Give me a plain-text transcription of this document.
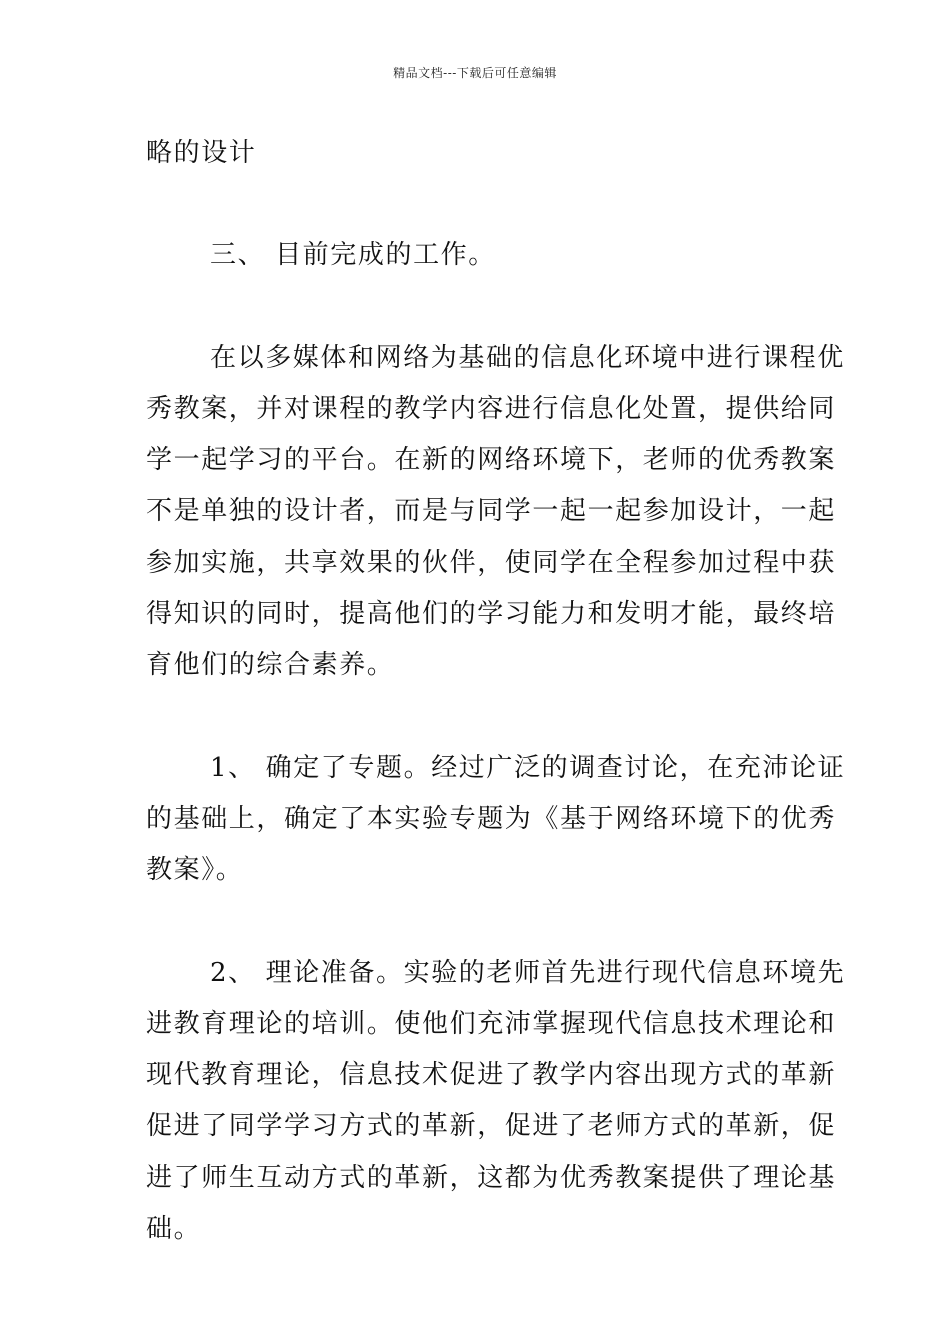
精品文档---下载后可任意编辑
略的设计
三、 目前完成的工作。
在以多媒体和网络为基础的信息化环境中进行课程优
秀教案，并对课程的教学内容进行信息化处置，提供给同
学一起学习的平台。在新的网络环境下，老师的优秀教案
不是单独的设计者，而是与同学一起一起参加设计，一起
参加实施，共享效果的伙伴，使同学在全程参加过程中获
得知识的同时，提高他们的学习能力和发明才能，最终培
育他们的综合素养。
1、 确定了专题。经过广泛的调查讨论，在充沛论证
的基础上，确定了本实验专题为《基于网络环境下的优秀
教案》。
2、 理论准备。实验的老师首先进行现代信息环境先
进教育理论的培训。使他们充沛掌握现代信息技术理论和
现代教育理论，信息技术促进了教学内容出现方式的革新
促进了同学学习方式的革新，促进了老师方式的革新，促
进了师生互动方式的革新，这都为优秀教案提供了理论基
础。
